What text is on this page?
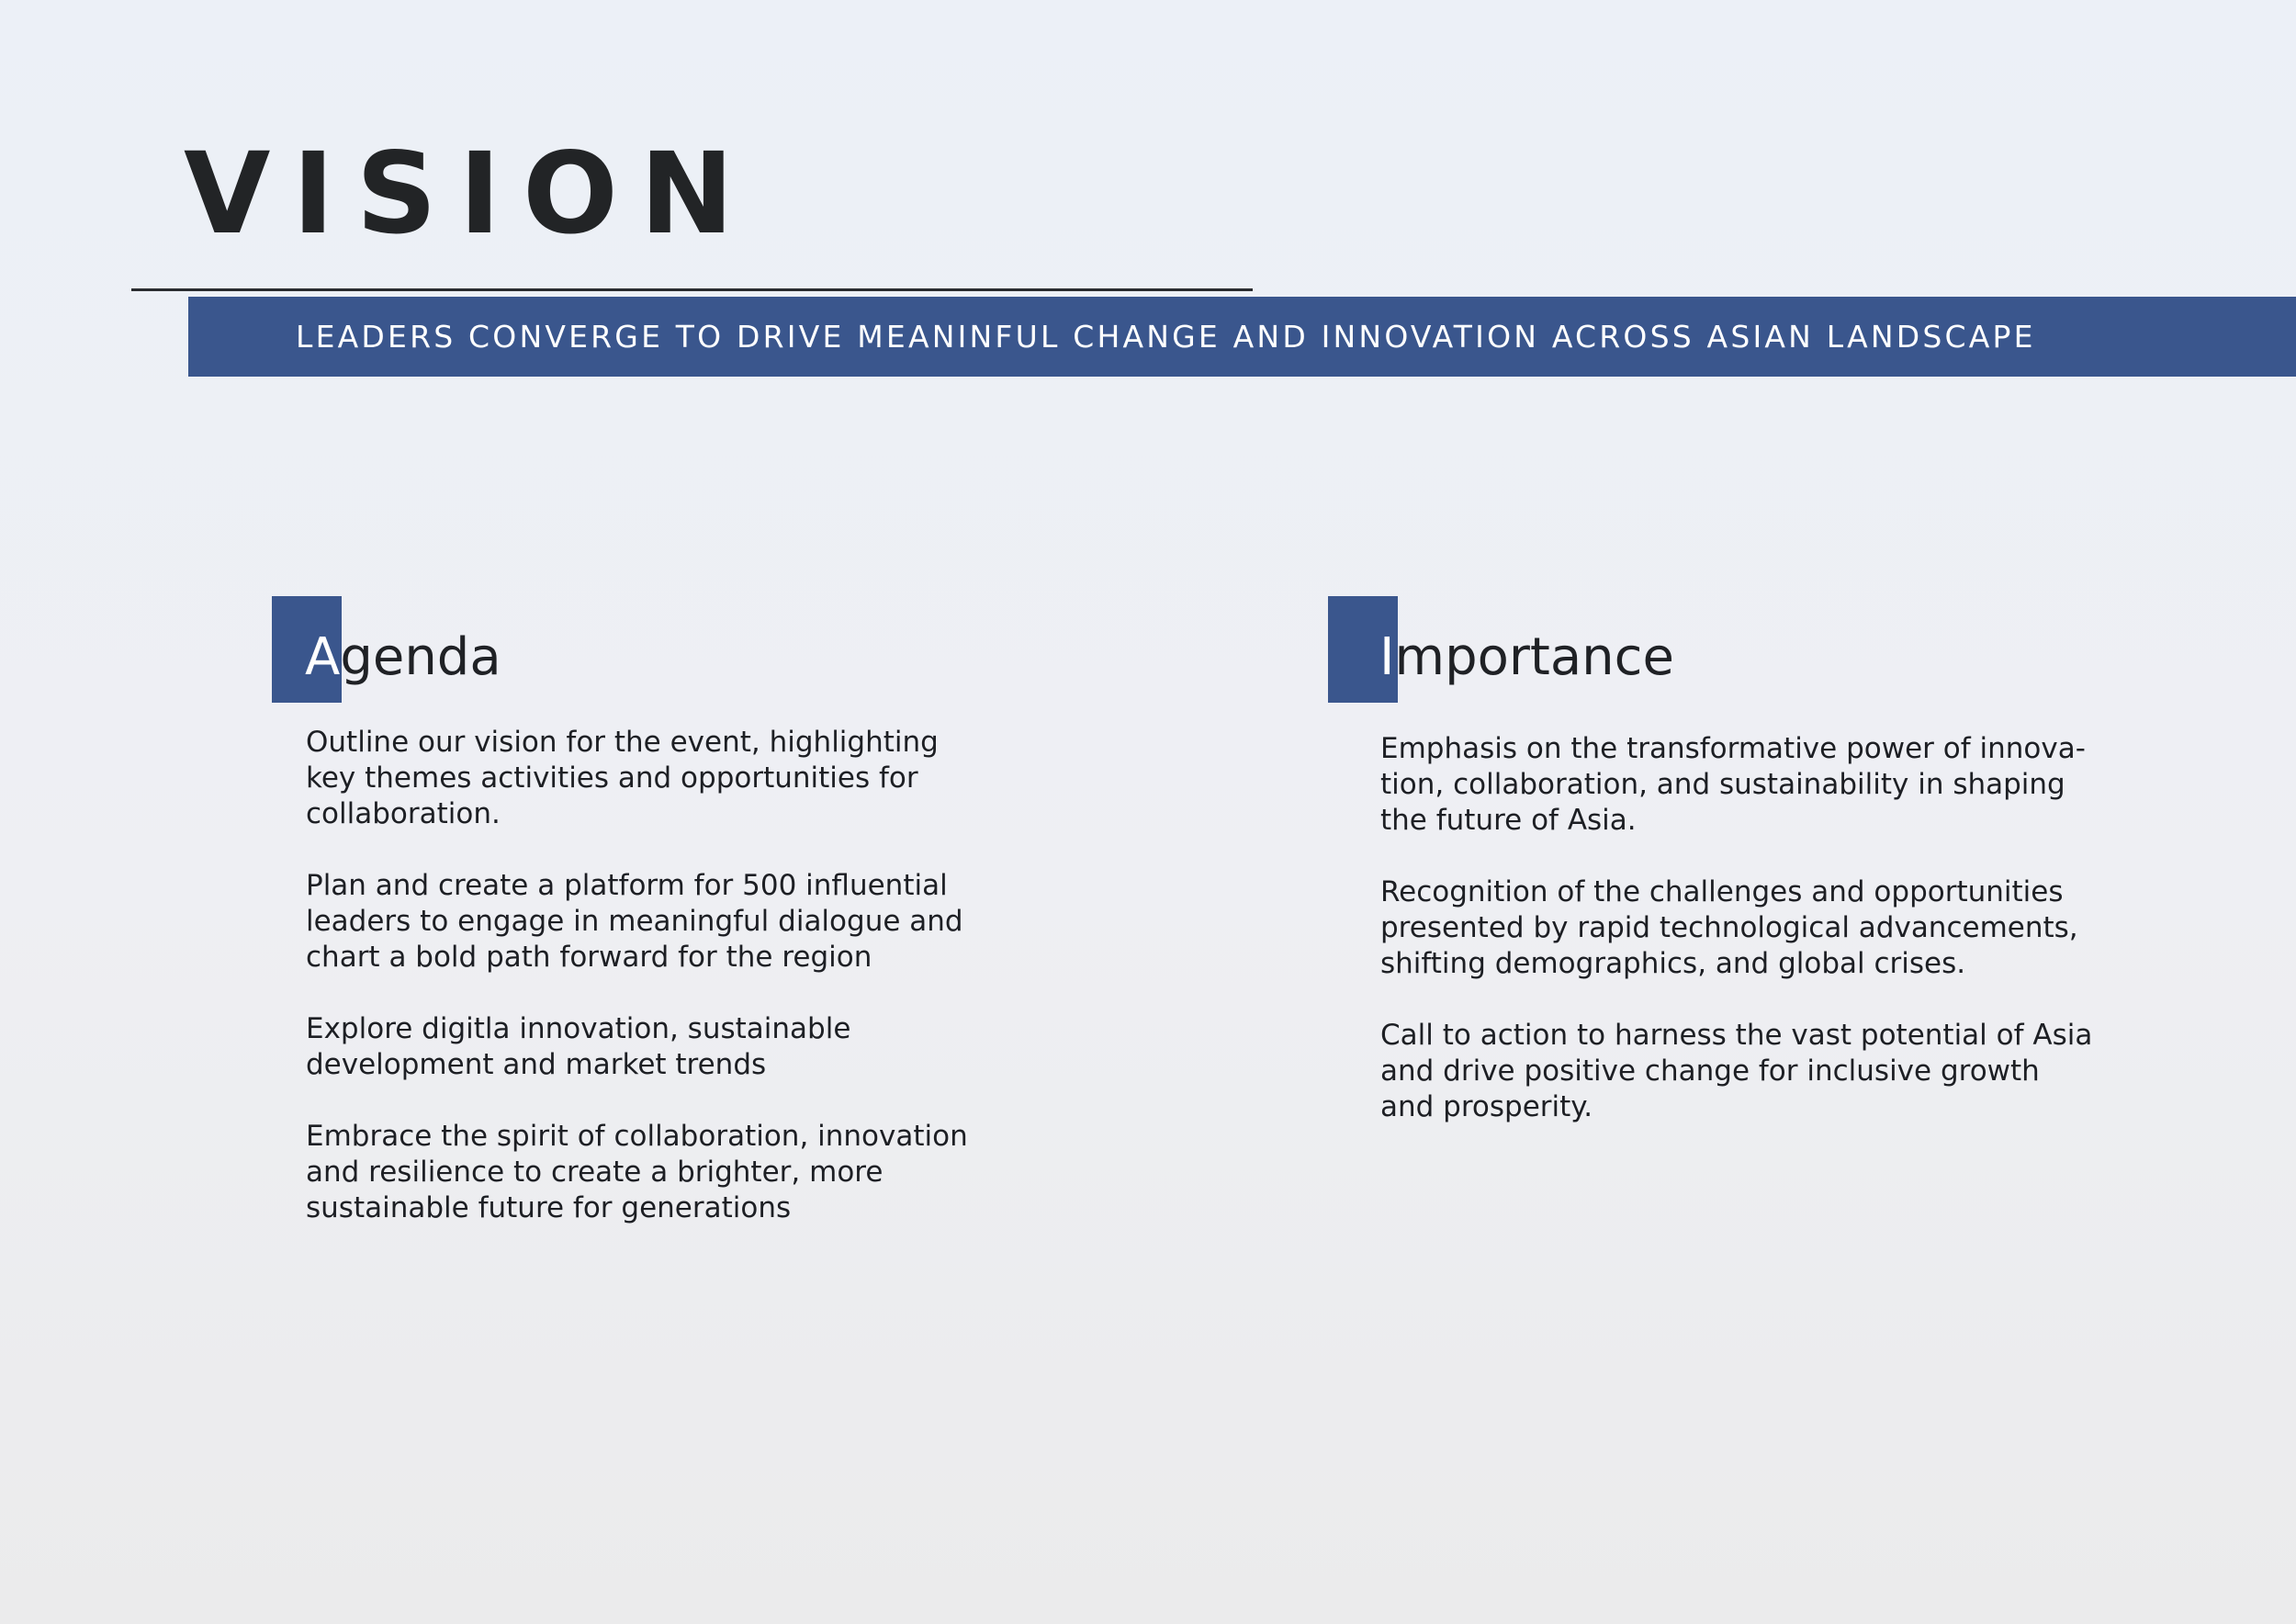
VISION
LEADERS CONVERGE TO DRIVE MEANINFUL CHANGE AND INNOVATION ACROSS ASIAN LANDSCAPE
Agenda
Outline our vision for the event, highlighting
key themes activities and opportunities for
collaboration.
Plan and create a platform for 500 influential
leaders to engage in meaningful dialogue and
chart a bold path forward for the region
Explore digitla innovation, sustainable
development and market trends
Embrace the spirit of collaboration, innovation
and resilience to create a brighter, more
sustainable future for generations
Importance
Emphasis on the transformative power of innova-
tion, collaboration, and sustainability in shaping
the future of Asia.
Recognition of the challenges and opportunities
presented by rapid technological advancements,
shifting demographics, and global crises.
Call to action to harness the vast potential of Asia
and drive positive change for inclusive growth
and prosperity.
